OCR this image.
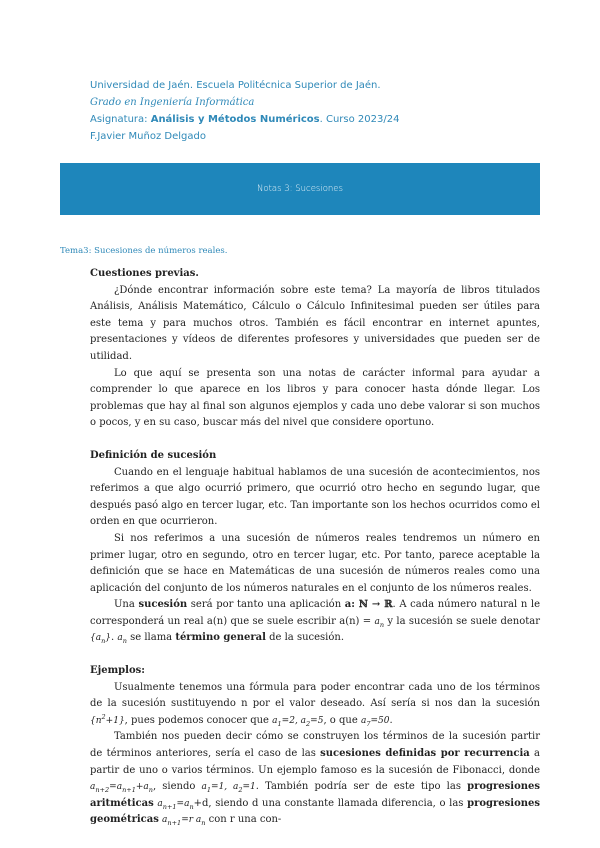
Universidad de Jaén. Escuela Politécnica Superior de Jaén.
Grado en Ingeniería Informática
Asignatura: Análisis y Métodos Numéricos. Curso 2023/24
F.Javier Muñoz Delgado
Notas 3: Sucesiones
Tema3: Sucesiones de números reales.
Cuestiones previas.

¿Dónde encontrar información sobre este tema? La mayoría de libros titulados Análisis, Análisis Matemático, Cálculo o Cálculo Infinitesimal pueden ser útiles para este tema y para muchos otros. También es fácil encontrar en internet apuntes, presentaciones y vídeos de diferentes profesores y universidades que pueden ser de utilidad.

Lo que aquí se presenta son una notas de carácter informal para ayudar a comprender lo que aparece en los libros y para conocer hasta dónde llegar. Los problemas que hay al final son algunos ejemplos y cada uno debe valorar si son muchos o pocos, y en su caso, buscar más del nivel que considere oportuno.

Definición de sucesión

Cuando en el lenguaje habitual hablamos de una sucesión de acontecimientos, nos referimos a que algo ocurrió primero, que ocurrió otro hecho en segundo lugar, que después pasó algo en tercer lugar, etc. Tan importante son los hechos ocurridos como el orden en que ocurrieron.

Si nos referimos a una sucesión de números reales tendremos un número en primer lugar, otro en segundo, otro en tercer lugar, etc. Por tanto, parece aceptable la definición que se hace en Matemáticas de una sucesión de números reales como una aplicación del conjunto de los números naturales en el conjunto de los números reales.

Una sucesión será por tanto una aplicación a: ℕ → ℝ. A cada número natural n le corresponderá un real a(n) que se suele escribir $a(n) = a_n$ y la sucesión se suele denotar $\{a_n\}$. $a_n$ se llama término general de la sucesión.

Ejemplos:

Usualmente tenemos una fórmula para poder encontrar cada uno de los términos de la sucesión sustituyendo n por el valor deseado. Así sería si nos dan la sucesión $\{n^2+1\}$, pues podemos conocer que $a_1=2$, $a_2=5$, o que $a_7=50$.

También nos pueden decir cómo se construyen los términos de la sucesión partir de términos anteriores, sería el caso de las sucesiones definidas por recurrencia a partir de uno o varios términos. Un ejemplo famoso es la sucesión de Fibonacci, donde $a_{n+2}=a_{n+1}+a_n$, siendo $a_1=1$, $a_2=1$. También podría ser de este tipo las progresiones aritméticas $a_{n+1}=a_n+d$, siendo d una constante llamada diferencia, o las progresiones geométricas $a_{n+1}=r$ $a_n$ con r una con-
